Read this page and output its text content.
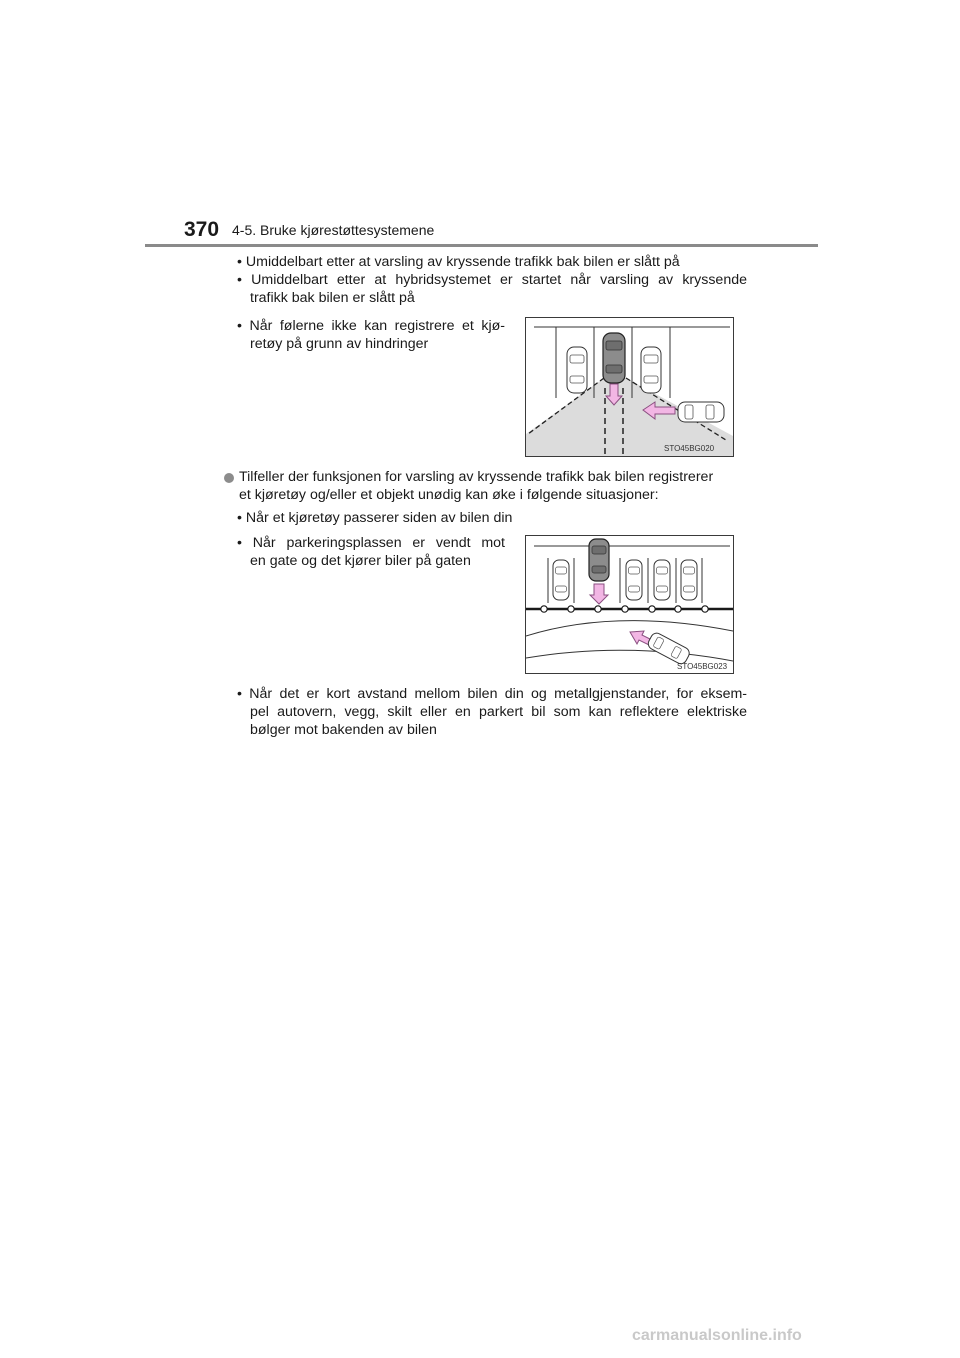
370 4-5. Bruke kjørestøttesystemene
• Umiddelbart etter at varsling av kryssende trafikk bak bilen er slått på
• Umiddelbart etter at hybridsystemet er startet når varsling av kryssende
trafikk bak bilen er slått på
• Når følerne ikke kan registrere et kjø-
retøy på grunn av hindringer
STO45BG020
Tilfeller der funksjonen for varsling av kryssende trafikk bak bilen registrerer
et kjøretøy og/eller et objekt unødig kan øke i følgende situasjoner:
• Når et kjøretøy passerer siden av bilen din
• Når parkeringsplassen er vendt mot
en gate og det kjører biler på gaten
STO45BG023
• Når det er kort avstand mellom bilen din og metallgjenstander, for eksem-
pel autovern, vegg, skilt eller en parkert bil som kan reflektere elektriske
bølger mot bakenden av bilen
carmanualsonline.info
